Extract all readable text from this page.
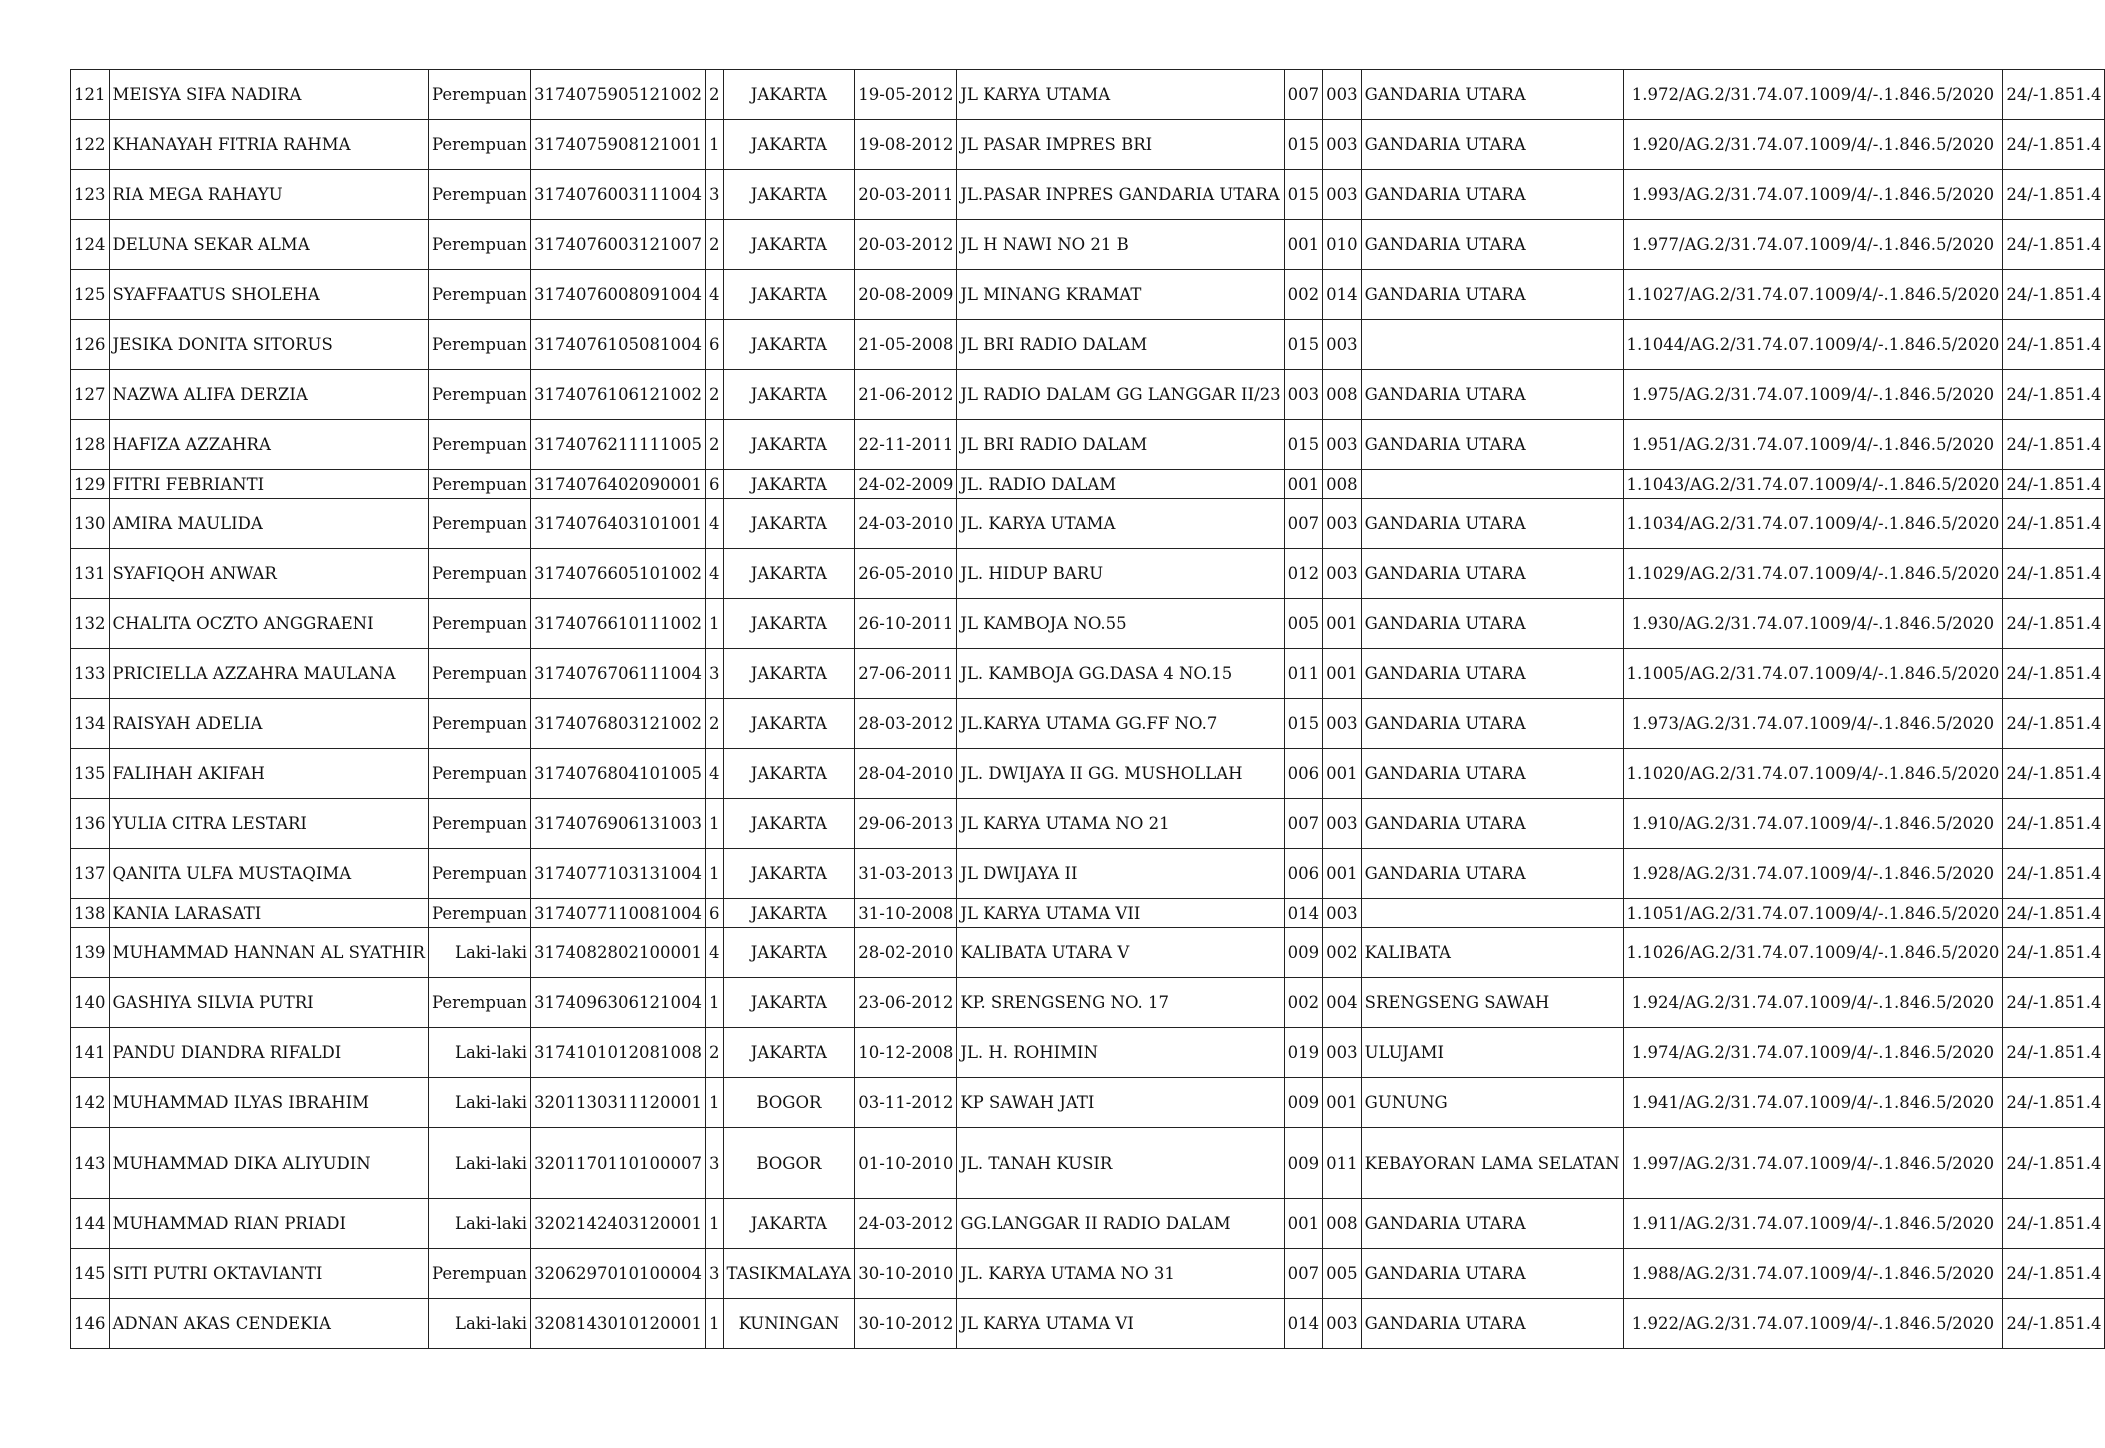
121	MEISYA SIFA NADIRA	Perempuan	3174075905121002	2	JAKARTA	19-05-2012	JL KARYA UTAMA	007	003	GANDARIA UTARA	1.972/AG.2/31.74.07.1009/4/-.1.846.5/2020	24/-1.851.4
122	KHANAYAH FITRIA RAHMA	Perempuan	3174075908121001	1	JAKARTA	19-08-2012	JL PASAR IMPRES BRI	015	003	GANDARIA UTARA	1.920/AG.2/31.74.07.1009/4/-.1.846.5/2020	24/-1.851.4
123	RIA MEGA RAHAYU	Perempuan	3174076003111004	3	JAKARTA	20-03-2011	JL.PASAR INPRES GANDARIA UTARA	015	003	GANDARIA UTARA	1.993/AG.2/31.74.07.1009/4/-.1.846.5/2020	24/-1.851.4
124	DELUNA SEKAR ALMA	Perempuan	3174076003121007	2	JAKARTA	20-03-2012	JL H NAWI NO 21 B	001	010	GANDARIA UTARA	1.977/AG.2/31.74.07.1009/4/-.1.846.5/2020	24/-1.851.4
125	SYAFFAATUS SHOLEHA	Perempuan	3174076008091004	4	JAKARTA	20-08-2009	JL MINANG KRAMAT	002	014	GANDARIA UTARA	1.1027/AG.2/31.74.07.1009/4/-.1.846.5/2020	24/-1.851.4
126	JESIKA DONITA SITORUS	Perempuan	3174076105081004	6	JAKARTA	21-05-2008	JL BRI RADIO DALAM	015	003		1.1044/AG.2/31.74.07.1009/4/-.1.846.5/2020	24/-1.851.4
127	NAZWA ALIFA DERZIA	Perempuan	3174076106121002	2	JAKARTA	21-06-2012	JL RADIO DALAM GG LANGGAR II/23	003	008	GANDARIA UTARA	1.975/AG.2/31.74.07.1009/4/-.1.846.5/2020	24/-1.851.4
128	HAFIZA AZZAHRA	Perempuan	3174076211111005	2	JAKARTA	22-11-2011	JL BRI RADIO DALAM	015	003	GANDARIA UTARA	1.951/AG.2/31.74.07.1009/4/-.1.846.5/2020	24/-1.851.4
129	FITRI FEBRIANTI	Perempuan	3174076402090001	6	JAKARTA	24-02-2009	JL. RADIO DALAM	001	008		1.1043/AG.2/31.74.07.1009/4/-.1.846.5/2020	24/-1.851.4
130	AMIRA MAULIDA	Perempuan	3174076403101001	4	JAKARTA	24-03-2010	JL. KARYA UTAMA	007	003	GANDARIA UTARA	1.1034/AG.2/31.74.07.1009/4/-.1.846.5/2020	24/-1.851.4
131	SYAFIQOH ANWAR	Perempuan	3174076605101002	4	JAKARTA	26-05-2010	JL. HIDUP BARU	012	003	GANDARIA UTARA	1.1029/AG.2/31.74.07.1009/4/-.1.846.5/2020	24/-1.851.4
132	CHALITA OCZTO ANGGRAENI	Perempuan	3174076610111002	1	JAKARTA	26-10-2011	JL KAMBOJA NO.55	005	001	GANDARIA UTARA	1.930/AG.2/31.74.07.1009/4/-.1.846.5/2020	24/-1.851.4
133	PRICIELLA AZZAHRA MAULANA	Perempuan	3174076706111004	3	JAKARTA	27-06-2011	JL. KAMBOJA GG.DASA 4 NO.15	011	001	GANDARIA UTARA	1.1005/AG.2/31.74.07.1009/4/-.1.846.5/2020	24/-1.851.4
134	RAISYAH ADELIA	Perempuan	3174076803121002	2	JAKARTA	28-03-2012	JL.KARYA UTAMA GG.FF NO.7	015	003	GANDARIA UTARA	1.973/AG.2/31.74.07.1009/4/-.1.846.5/2020	24/-1.851.4
135	FALIHAH AKIFAH	Perempuan	3174076804101005	4	JAKARTA	28-04-2010	JL. DWIJAYA II GG. MUSHOLLAH	006	001	GANDARIA UTARA	1.1020/AG.2/31.74.07.1009/4/-.1.846.5/2020	24/-1.851.4
136	YULIA CITRA LESTARI	Perempuan	3174076906131003	1	JAKARTA	29-06-2013	JL KARYA UTAMA NO 21	007	003	GANDARIA UTARA	1.910/AG.2/31.74.07.1009/4/-.1.846.5/2020	24/-1.851.4
137	QANITA ULFA MUSTAQIMA	Perempuan	3174077103131004	1	JAKARTA	31-03-2013	JL DWIJAYA II	006	001	GANDARIA UTARA	1.928/AG.2/31.74.07.1009/4/-.1.846.5/2020	24/-1.851.4
138	KANIA LARASATI	Perempuan	3174077110081004	6	JAKARTA	31-10-2008	JL KARYA UTAMA VII	014	003		1.1051/AG.2/31.74.07.1009/4/-.1.846.5/2020	24/-1.851.4
139	MUHAMMAD HANNAN AL SYATHIR	Laki-laki	3174082802100001	4	JAKARTA	28-02-2010	KALIBATA UTARA V	009	002	KALIBATA	1.1026/AG.2/31.74.07.1009/4/-.1.846.5/2020	24/-1.851.4
140	GASHIYA SILVIA PUTRI	Perempuan	3174096306121004	1	JAKARTA	23-06-2012	KP. SRENGSENG NO. 17	002	004	SRENGSENG SAWAH	1.924/AG.2/31.74.07.1009/4/-.1.846.5/2020	24/-1.851.4
141	PANDU DIANDRA RIFALDI	Laki-laki	3174101012081008	2	JAKARTA	10-12-2008	JL. H. ROHIMIN	019	003	ULUJAMI	1.974/AG.2/31.74.07.1009/4/-.1.846.5/2020	24/-1.851.4
142	MUHAMMAD ILYAS IBRAHIM	Laki-laki	3201130311120001	1	BOGOR	03-11-2012	KP SAWAH JATI	009	001	GUNUNG	1.941/AG.2/31.74.07.1009/4/-.1.846.5/2020	24/-1.851.4
143	MUHAMMAD DIKA ALIYUDIN	Laki-laki	3201170110100007	3	BOGOR	01-10-2010	JL. TANAH KUSIR	009	011	KEBAYORAN LAMA SELATAN	1.997/AG.2/31.74.07.1009/4/-.1.846.5/2020	24/-1.851.4
144	MUHAMMAD RIAN PRIADI	Laki-laki	3202142403120001	1	JAKARTA	24-03-2012	GG.LANGGAR II RADIO DALAM	001	008	GANDARIA UTARA	1.911/AG.2/31.74.07.1009/4/-.1.846.5/2020	24/-1.851.4
145	SITI PUTRI OKTAVIANTI	Perempuan	3206297010100004	3	TASIKMALAYA	30-10-2010	JL. KARYA UTAMA NO 31	007	005	GANDARIA UTARA	1.988/AG.2/31.74.07.1009/4/-.1.846.5/2020	24/-1.851.4
146	ADNAN AKAS CENDEKIA	Laki-laki	3208143010120001	1	KUNINGAN	30-10-2012	JL KARYA UTAMA VI	014	003	GANDARIA UTARA	1.922/AG.2/31.74.07.1009/4/-.1.846.5/2020	24/-1.851.4
